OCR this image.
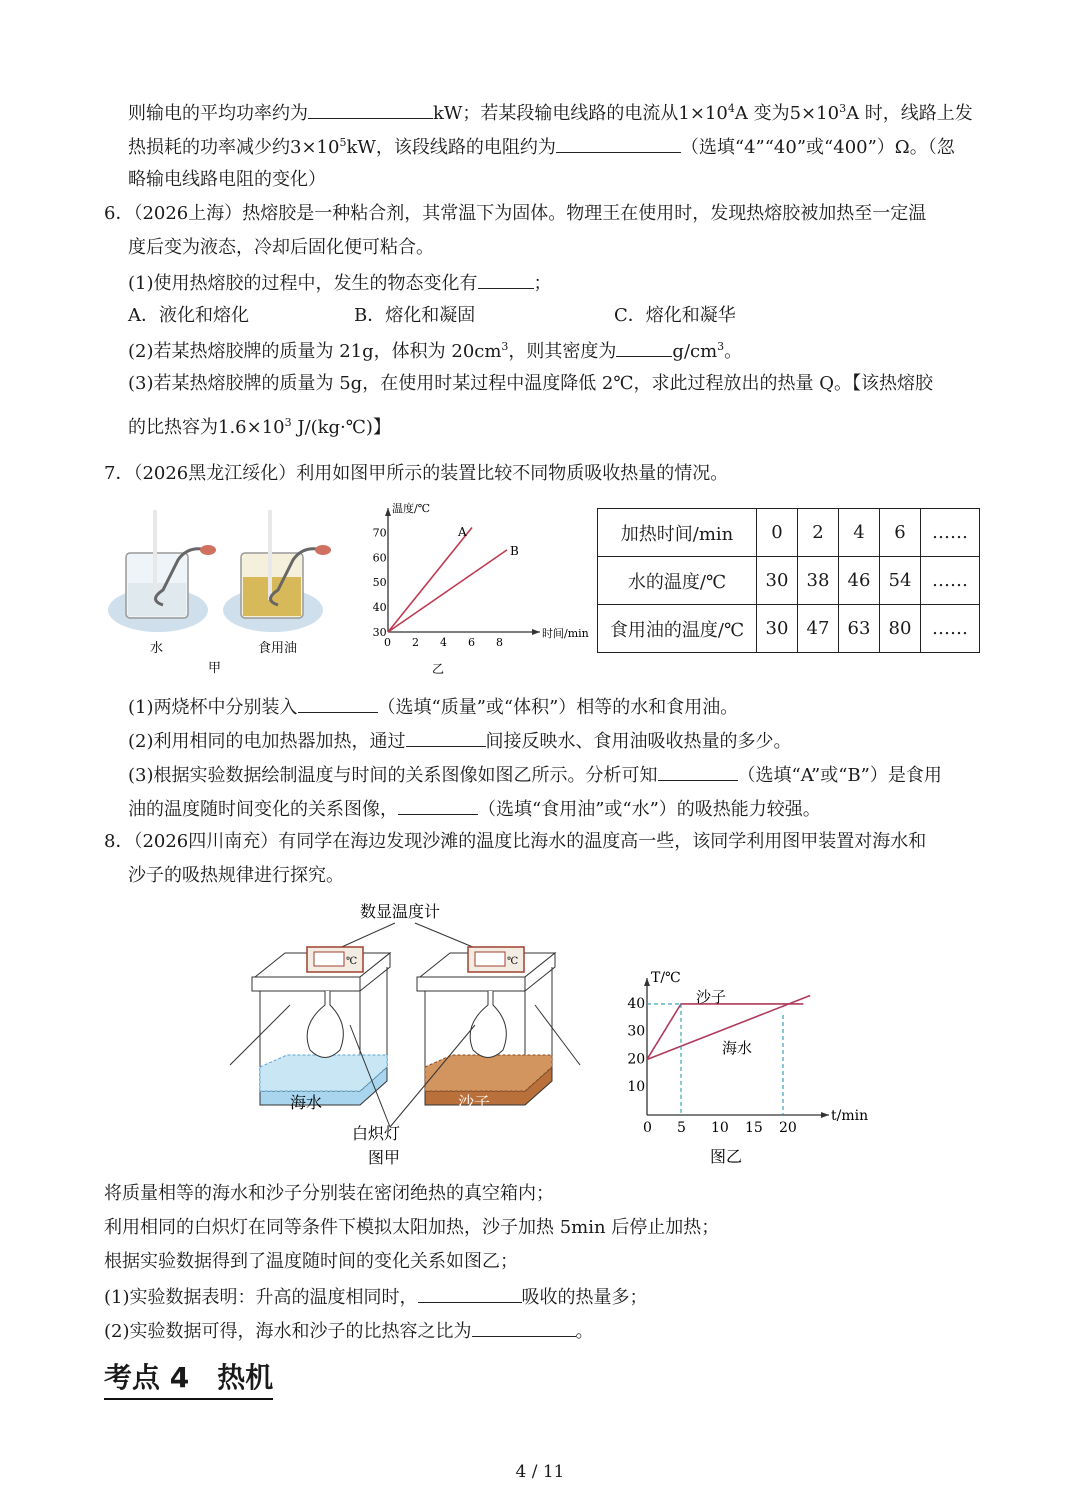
则输电的平均功率约为	kW；若某段输电线路的电流从$1\times 10^4A$ 变为$5\times 10^3A$ 时，线路上发
热损耗的功率减少约$3\times 10^5kW$，该段线路的电阻约为	（选填“4”“40”或“400”）Ω。（忽
略输电线路电阻的变化）
6．（2026上海）热熔胶是一种粘合剂，其常温下为固体。物理王在使用时，发现热熔胶被加热至一定温
度后变为液态，冷却后固化便可粘合。
(1)使用热熔胶的过程中，发生的物态变化有	；
A．液化和熔化	B．熔化和凝固	C．熔化和凝华
(2)若某热熔胶牌的质量为 21g，体积为 $20cm^3$，则其密度为	$g/cm^3$。
(3)若某热熔胶牌的质量为 5g，在使用时某过程中温度降低 2℃，求此过程放出的热量 Q。【该热熔胶
的比热容为$1.6\times 10^3$ J/(kg·℃)】
7．（2026黑龙江绥化）利用如图甲所示的装置比较不同物质吸收热量的情况。
水	食用油
甲
0 2 4 6 8
30
40
50
60
70
温度/℃
时间/min
A
B
乙
加热时间/min	0	2	4	6	……
水的温度/℃	30	38	46	54	……
食用油的温度/℃	30	47	63	80	……
(1)两烧杯中分别装入	（选填“质量”或“体积”）相等的水和食用油。
(2)利用相同的电加热器加热，通过	间接反映水、食用油吸收热量的多少。
(3)根据实验数据绘制温度与时间的关系图像如图乙所示。分析可知	（选填“A”或“B”）是食用
油的温度随时间变化的关系图像，	（选填“食用油”或“水”）的吸热能力较强。
8．（2026四川南充）有同学在海边发现沙滩的温度比海水的温度高一些，该同学利用图甲装置对海水和
沙子的吸热规律进行探究。
数显温度计
℃
海水
℃
沙子
白炽灯
图甲
0 5 10 15 20
10
20
30
40
T/℃
t/min
沙子
海水
图乙
将质量相等的海水和沙子分别装在密闭绝热的真空箱内；
利用相同的白炽灯在同等条件下模拟太阳加热，沙子加热 5min 后停止加热；
根据实验数据得到了温度随时间的变化关系如图乙；
(1)实验数据表明：升高的温度相同时，	吸收的热量多；
(2)实验数据可得，海水和沙子的比热容之比为	。
考点 4　热机
4 / 11
